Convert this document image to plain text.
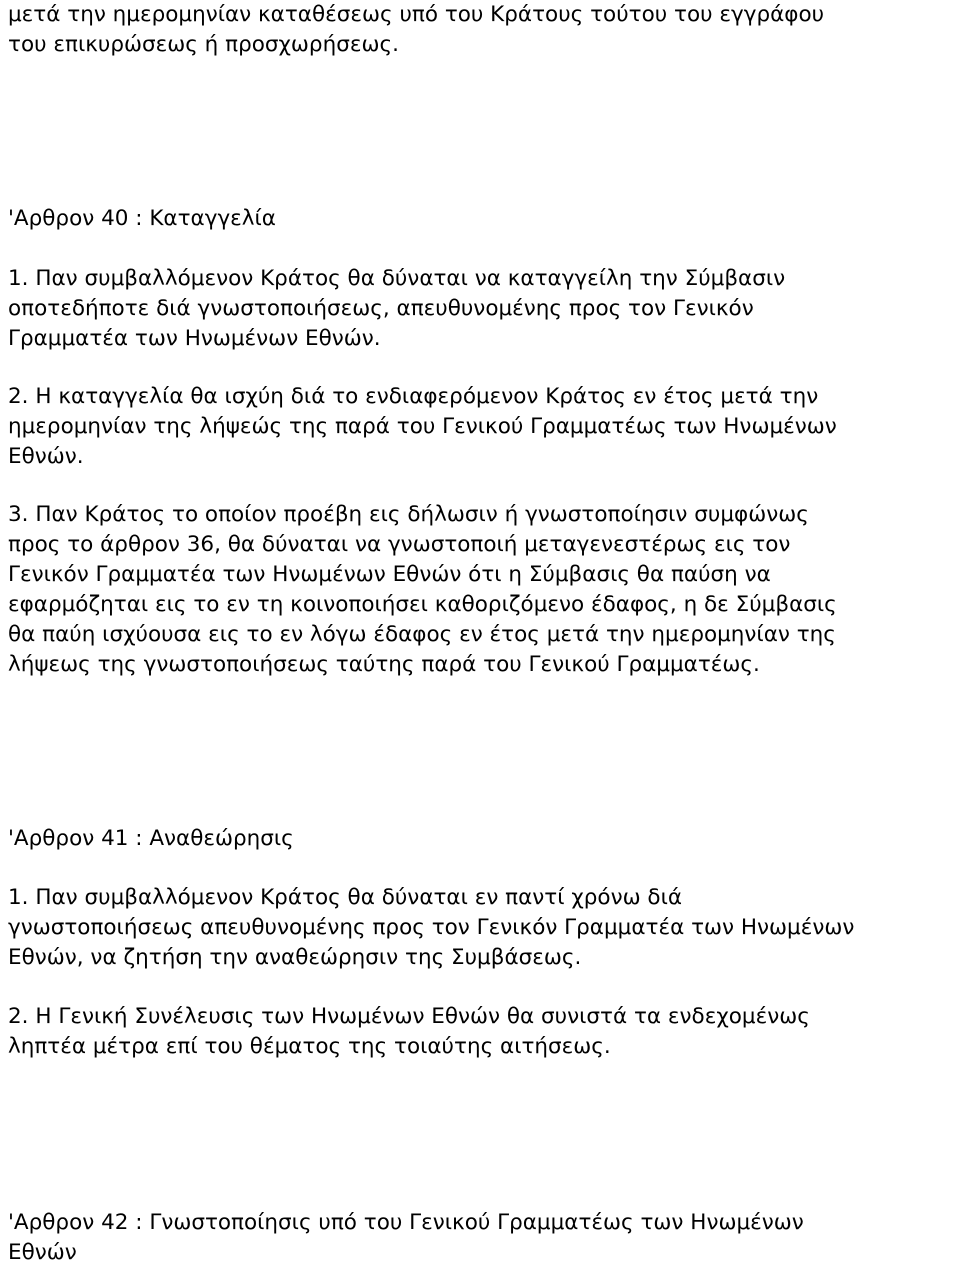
μετά την ημερομηνίαν καταθέσεως υπό του Κράτους τούτου του εγγράφου
του επικυρώσεως ή προσχωρήσεως.
'Αρθρον 40 : Καταγγελία
1. Παν συμβαλλόμενον Κράτος θα δύναται να καταγγείλη την Σύμβασιν
οποτεδήποτε διά γνωστοποιήσεως, απευθυνομένης προς τον Γενικόν
Γραμματέα των Ηνωμένων Εθνών.
2. Η καταγγελία θα ισχύη διά το ενδιαφερόμενον Κράτος εν έτος μετά την
ημερομηνίαν της λήψεώς της παρά του Γενικού Γραμματέως των Ηνωμένων
Εθνών.
3. Παν Κράτος το οποίον προέβη εις δήλωσιν ή γνωστοποίησιν συμφώνως
προς το άρθρον 36, θα δύναται να γνωστοποιή μεταγενεστέρως εις τον
Γενικόν Γραμματέα των Ηνωμένων Εθνών ότι η Σύμβασις θα παύση να
εφαρμόζηται εις το εν τη κοινοποιήσει καθοριζόμενο έδαφος, η δε Σύμβασις
θα παύη ισχύουσα εις το εν λόγω έδαφος εν έτος μετά την ημερομηνίαν της
λήψεως της γνωστοποιήσεως ταύτης παρά του Γενικού Γραμματέως.
'Αρθρον 41 : Αναθεώρησις
1. Παν συμβαλλόμενον Κράτος θα δύναται εν παντί χρόνω διά
γνωστοποιήσεως απευθυνομένης προς τον Γενικόν Γραμματέα των Ηνωμένων
Εθνών, να ζητήση την αναθεώρησιν της Συμβάσεως.
2. Η Γενική Συνέλευσις των Ηνωμένων Εθνών θα συνιστά τα ενδεχομένως
ληπτέα μέτρα επί του θέματος της τοιαύτης αιτήσεως.
'Αρθρον 42 : Γνωστοποίησις υπό του Γενικού Γραμματέως των Ηνωμένων
Εθνών
